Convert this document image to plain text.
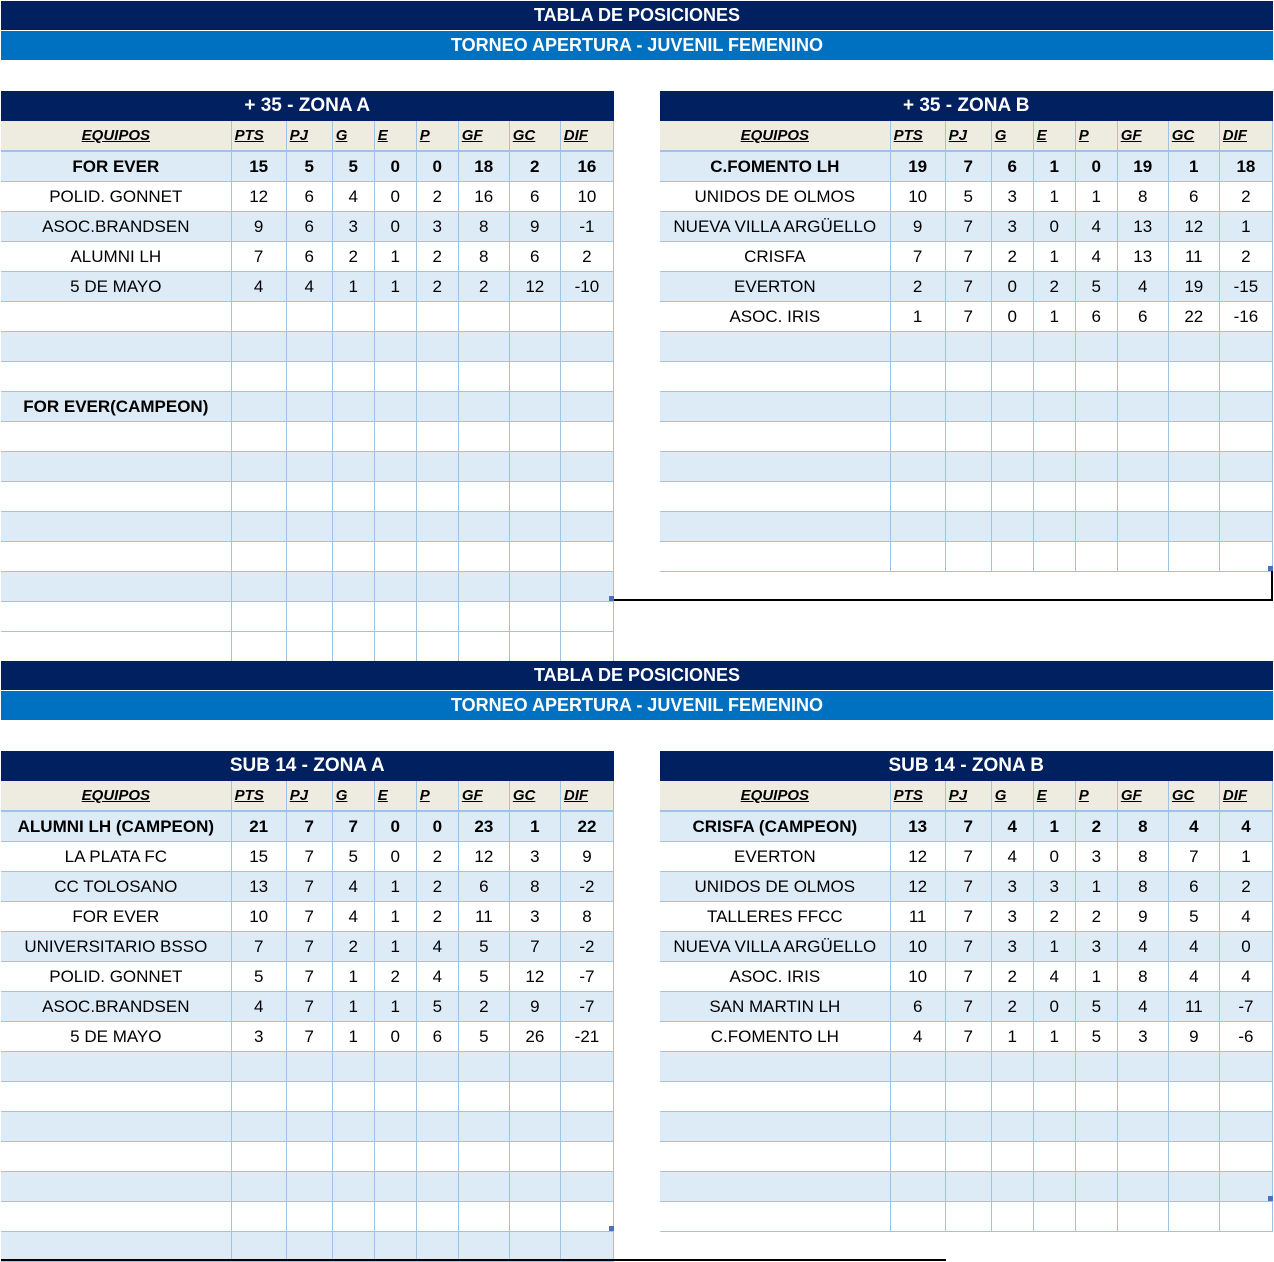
TABLA DE POSICIONES
TORNEO APERTURA - JUVENIL FEMENINO
TABLA DE POSICIONES
TORNEO APERTURA - JUVENIL FEMENINO
+ 35 - ZONA A								
EQUIPOS	PTS	PJ	G	E	P	GF	GC	DIF
FOR EVER	15	5	5	0	0	18	2	16
POLID. GONNET	12	6	4	0	2	16	6	10
ASOC.BRANDSEN	9	6	3	0	3	8	9	-1
ALUMNI LH	7	6	2	1	2	8	6	2
5 DE MAYO	4	4	1	1	2	2	12	-10

FOR EVER(CAMPEON)								

+ 35 - ZONA B								
EQUIPOS	PTS	PJ	G	E	P	GF	GC	DIF
C.FOMENTO LH	19	7	6	1	0	19	1	18
UNIDOS DE OLMOS	10	5	3	1	1	8	6	2
NUEVA VILLA ARGÜELLO	9	7	3	0	4	13	12	1
CRISFA	7	7	2	1	4	13	11	2
EVERTON	2	7	0	2	5	4	19	-15
ASOC. IRIS	1	7	0	1	6	6	22	-16

SUB 14 - ZONA A								
EQUIPOS	PTS	PJ	G	E	P	GF	GC	DIF
ALUMNI LH (CAMPEON)	21	7	7	0	0	23	1	22
LA PLATA FC	15	7	5	0	2	12	3	9
CC TOLOSANO	13	7	4	1	2	6	8	-2
FOR EVER	10	7	4	1	2	11	3	8
UNIVERSITARIO BSSO	7	7	2	1	4	5	7	-2
POLID. GONNET	5	7	1	2	4	5	12	-7
ASOC.BRANDSEN	4	7	1	1	5	2	9	-7
5 DE MAYO	3	7	1	0	6	5	26	-21

SUB 14 - ZONA B								
EQUIPOS	PTS	PJ	G	E	P	GF	GC	DIF
CRISFA (CAMPEON)	13	7	4	1	2	8	4	4
EVERTON	12	7	4	0	3	8	7	1
UNIDOS DE OLMOS	12	7	3	3	1	8	6	2
TALLERES FFCC	11	7	3	2	2	9	5	4
NUEVA VILLA ARGÜELLO	10	7	3	1	3	4	4	0
ASOC. IRIS	10	7	2	4	1	8	4	4
SAN MARTIN LH	6	7	2	0	5	4	11	-7
C.FOMENTO LH	4	7	1	1	5	3	9	-6
